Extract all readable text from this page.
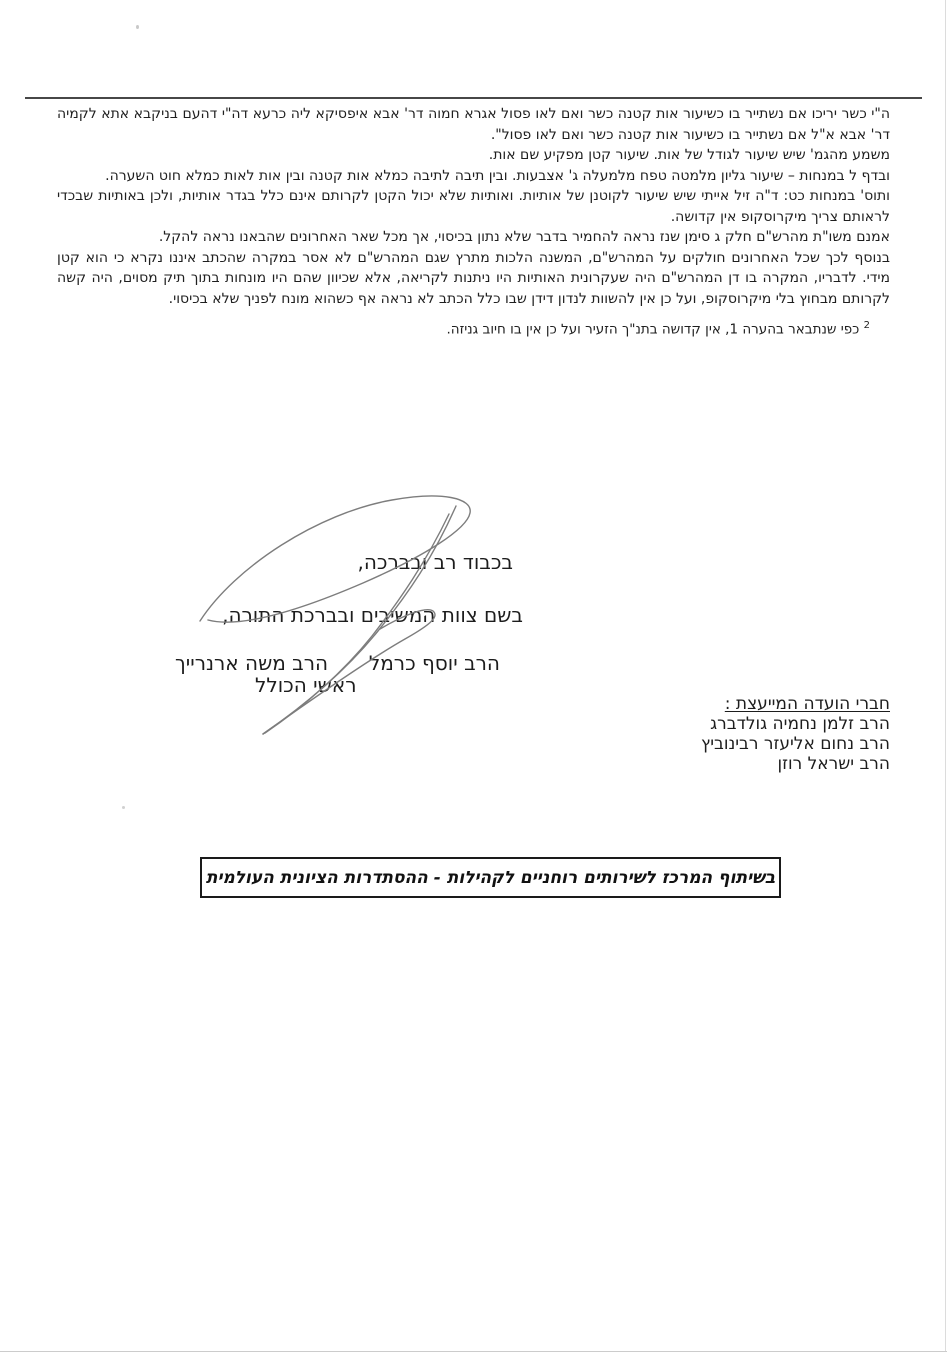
ה"י כשר יריכו אם נשתייר בו כשיעור אות קטנה כשר ואם לאו פסול אגרא חמוה דר' אבא איפסיקא ליה כרעא דה"י דהעם בניקבא אתא לקמיה דר' אבא א"ל אם נשתייר בו כשיעור אות קטנה כשר ואם לאו פסול".

משמע מהגמ' שיש שיעור לגודל של אות. שיעור קטן מפקיע שם אות.

ובדף ל במנחות – שיעור גליון מלמטה טפח מלמעלה ג' אצבעות. ובין תיבה לתיבה כמלא אות קטנה ובין אות לאות כמלא חוט השערה.

ותוס' במנחות כט: ד"ה זיל אייתי שיש שיעור לקוטנן של אותיות. ואותיות שלא יכול הקטן לקרותם אינם כלל בגדר אותיות, ולכן באותיות שבכדי לראותם צריך מיקרוסקופ אין קדושה.

אמנם משו"ת מהרש"ם חלק ג סימן שנז נראה להחמיר בדבר שלא נתון בכיסוי, אך מכל שאר האחרונים שהבאנו נראה להקל.

בנוסף לכך שכל האחרונים חולקים על המהרש"ם, המשנה הלכות מתרץ שגם המהרש"ם לא אסר במקרה שהכתב איננו נקרא כי הוא קטן מידי. לדבריו, המקרה בו דן המהרש"ם היה שעקרונית האותיות היו ניתנות לקריאה, אלא שכיוון שהם היו מונחות בתוך תיק מסוים, היה קשה לקרותם מבחוץ בלי מיקרוסקופ, ועל כן אין להשוות לנדון דידן שבו כלל הכתב לא נראה אף כשהוא מונח לפניך שלא בכיסוי.

$^2$ כפי שנתבאר בהערה 1, אין קדושה בתנ"ך הזעיר ועל כן אין בו חיוב גניזה.
בכבוד רב ובברכה,
בשם צוות המשיבים ובברכת התורה,
הרב יוסף כרמל
הרב משה ארנרייך
ראשי הכולל
חברי הועדה המייעצת :
הרב זלמן נחמיה גולדברג
הרב נחום אליעזר רבינוביץ
הרב ישראל רוזן
בשיתוף המרכז לשירותים רוחניים לקהילות - ההסתדרות הציונית העולמית
